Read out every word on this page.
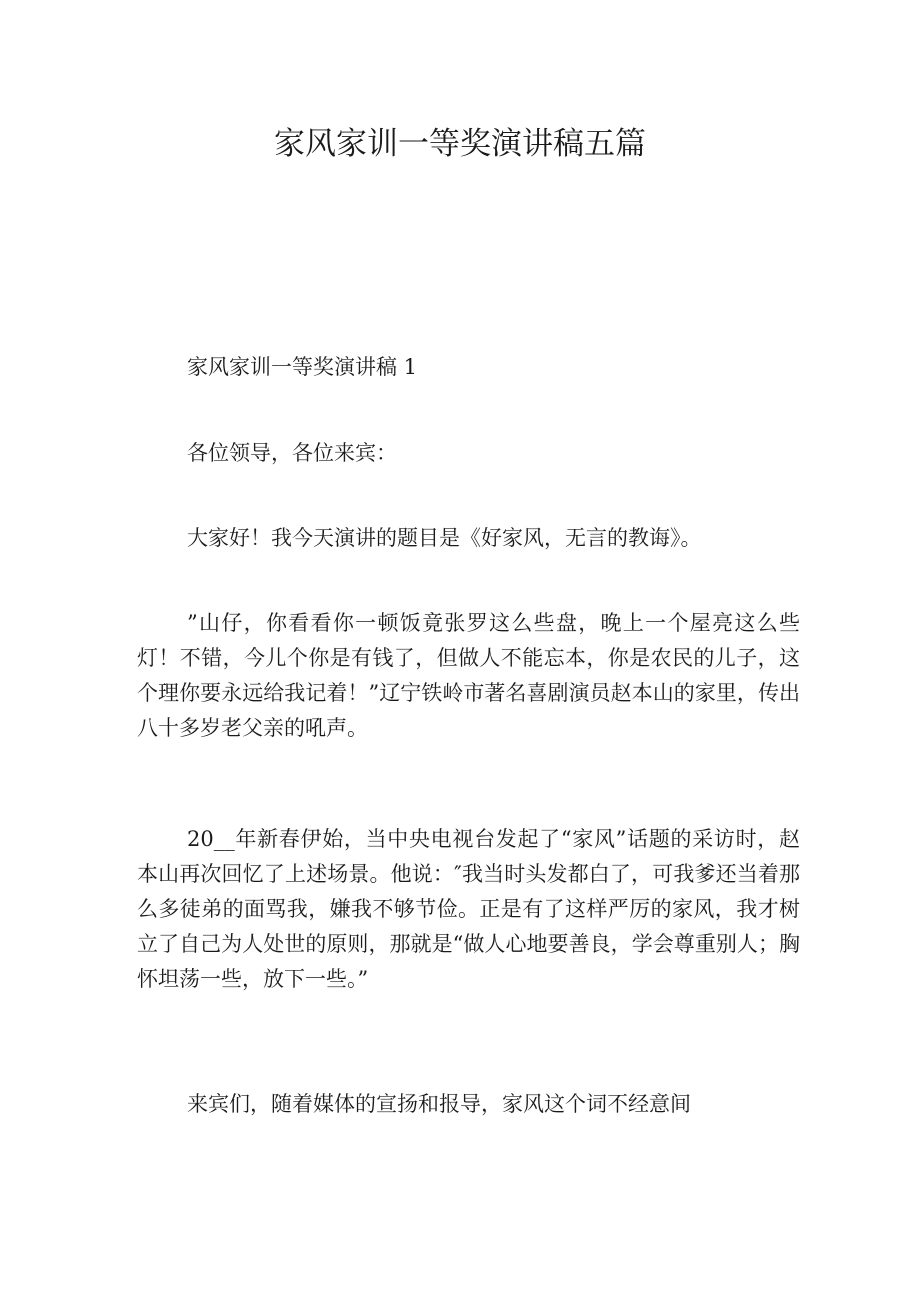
家风家训一等奖演讲稿五篇

家风家训一等奖演讲稿 1

各位领导，各位来宾：

大家好！我今天演讲的题目是《好家风，无言的教诲》。

”山仔，你看看你一顿饭竟张罗这么些盘，晚上一个屋亮这么些灯！不错，今儿个你是有钱了，但做人不能忘本，你是农民的儿子，这个理你要永远给我记着！”辽宁铁岭市著名喜剧演员赵本山的家里，传出八十多岁老父亲的吼声。

20__年新春伊始，当中央电视台发起了“家风”话题的采访时，赵本山再次回忆了上述场景。他说：″我当时头发都白了，可我爹还当着那么多徒弟的面骂我，嫌我不够节俭。正是有了这样严厉的家风，我才树立了自己为人处世的原则，那就是“做人心地要善良，学会尊重别人；胸怀坦荡一些，放下一些。”

来宾们，随着媒体的宣扬和报导，家风这个词不经意间
